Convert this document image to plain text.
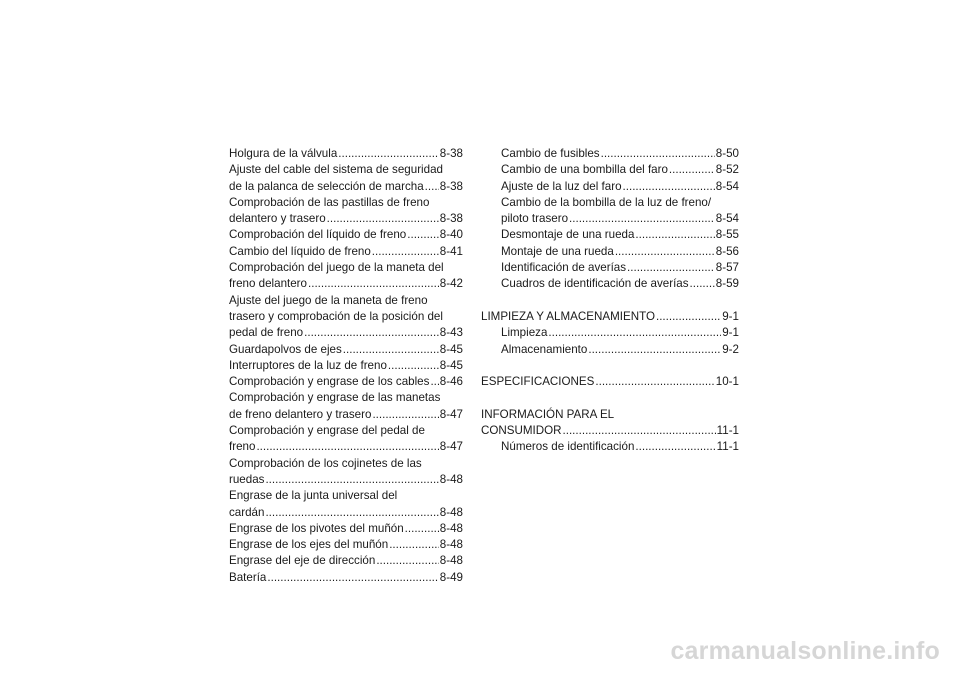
Holgura de la válvula .....	8-38
Ajuste del cable del sistema de seguridad
de la palanca de selección de marcha ..... 8-38
Comprobación de las pastillas de freno
delantero y trasero .....	8-38
Comprobación del líquido de freno .....	8-40
Cambio del líquido de freno .....	8-41
Comprobación del juego de la maneta del
freno delantero .....	8-42
Ajuste del juego de la maneta de freno
trasero y comprobación de la posición del
pedal de freno .....	8-43
Guardapolvos de ejes .....	8-45
Interruptores de la luz de freno .....	8-45
Comprobación y engrase de los cables ..... 8-46
Comprobación y engrase de las manetas
de freno delantero y trasero .....	8-47
Comprobación y engrase del pedal de
freno .....	8-47
Comprobación de los cojinetes de las
ruedas .....	8-48
Engrase de la junta universal del
cardán .....	8-48
Engrase de los pivotes del muñón .....	8-48
Engrase de los ejes del muñón .....	8-48
Engrase del eje de dirección .....	8-48
Batería .....	8-49
Cambio de fusibles .....	8-50
Cambio de una bombilla del faro .....	8-52
Ajuste de la luz del faro .....	8-54
Cambio de la bombilla de la luz de freno/
piloto trasero .....	8-54
Desmontaje de una rueda .....	8-55
Montaje de una rueda .....	8-56
Identificación de averías .....	8-57
Cuadros de identificación de averías ..... 8-59
LIMPIEZA Y ALMACENAMIENTO .....	9-1
Limpieza .....	9-1
Almacenamiento .....	9-2
ESPECIFICACIONES .....	10-1
INFORMACIÓN PARA EL
CONSUMIDOR .....	11-1
Números de identificación .....	11-1
carmanualsonline.info
